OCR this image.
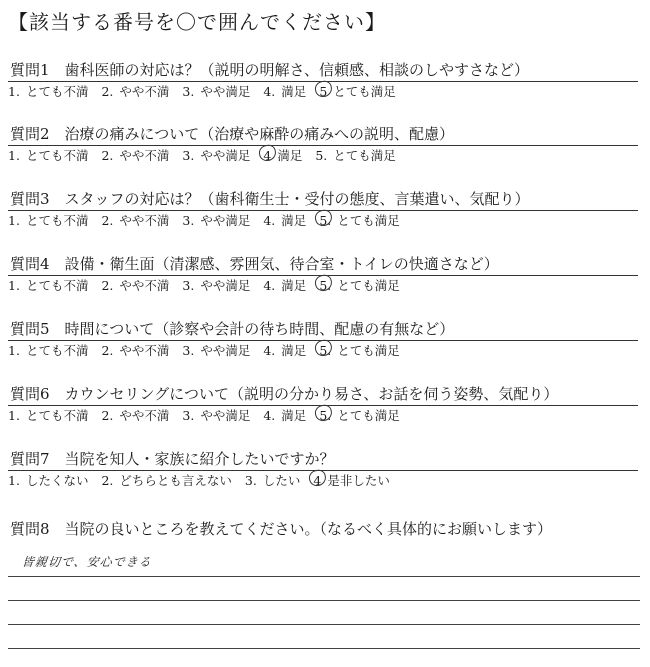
【該当する番号を〇で囲んでください】
質問1　歯科医師の対応は？（説明の明解さ、信頼感、相談のしやすさなど）
1. とても不満 2. やや不満 3. やや満足 4. 満足 5 とても満足
質問2　治療の痛みについて（治療や麻酔の痛みへの説明、配慮）
1. とても不満 2. やや不満 3. やや満足 4 満足 5. とても満足
質問3　スタッフの対応は？（歯科衛生士・受付の態度、言葉遣い、気配り）
1. とても不満 2. やや不満 3. やや満足 4. 満足 5. とても満足
質問4　設備・衛生面（清潔感、雰囲気、待合室・トイレの快適さなど）
1. とても不満 2. やや不満 3. やや満足 4. 満足 5. とても満足
質問5　時間について（診察や会計の待ち時間、配慮の有無など）
1. とても不満 2. やや不満 3. やや満足 4. 満足 5. とても満足
質問6　カウンセリングについて（説明の分かり易さ、お話を伺う姿勢、気配り）
1. とても不満 2. やや不満 3. やや満足 4. 満足 5. とても満足
質問7　当院を知人・家族に紹介したいですか？
1. したくない 2. どちらとも言えない 3. したい 4 是非したい
質問8　当院の良いところを教えてください。（なるべく具体的にお願いします）
皆親切で、安心できる
